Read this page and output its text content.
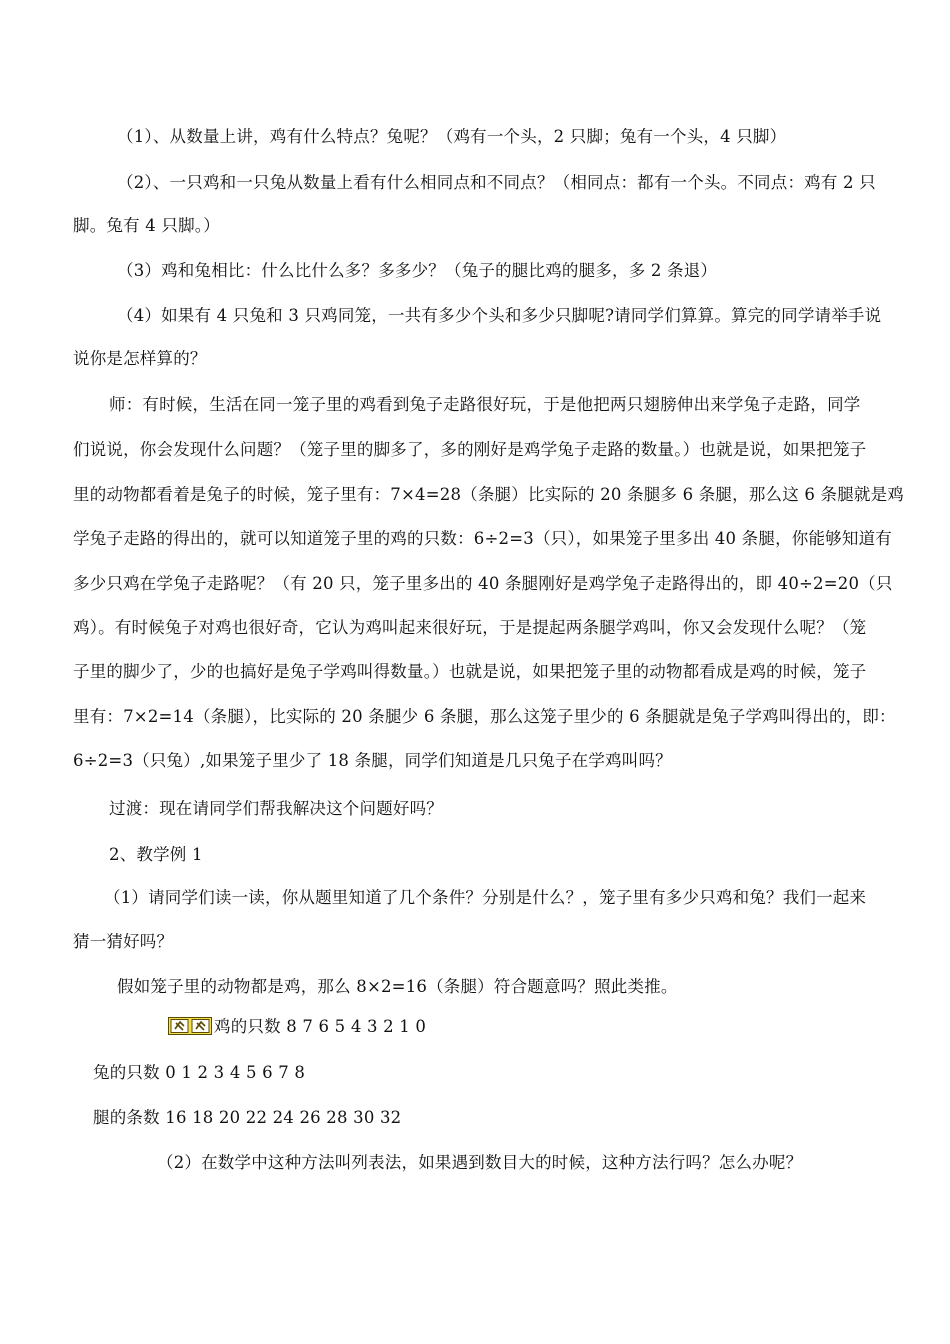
（1）、从数量上讲，鸡有什么特点？兔呢？（鸡有一个头，2 只脚；兔有一个头，4 只脚）
（2）、一只鸡和一只兔从数量上看有什么相同点和不同点？（相同点：都有一个头。不同点：鸡有 2 只
脚。兔有 4 只脚。）
（3）鸡和兔相比：什么比什么多？多多少？（兔子的腿比鸡的腿多，多 2 条退）
（4）如果有 4 只兔和 3 只鸡同笼，一共有多少个头和多少只脚呢?请同学们算算。算完的同学请举手说
说你是怎样算的？
师：有时候，生活在同一笼子里的鸡看到兔子走路很好玩，于是他把两只翅膀伸出来学兔子走路，同学
们说说，你会发现什么问题？（笼子里的脚多了，多的刚好是鸡学兔子走路的数量。）也就是说，如果把笼子
里的动物都看着是兔子的时候，笼子里有：7×4=28（条腿）比实际的 20 条腿多 6 条腿，那么这 6 条腿就是鸡
学兔子走路的得出的，就可以知道笼子里的鸡的只数：6÷2=3（只），如果笼子里多出 40 条腿，你能够知道有
多少只鸡在学兔子走路呢？（有 20 只，笼子里多出的 40 条腿刚好是鸡学兔子走路得出的，即 40÷2=20（只
鸡）。有时候兔子对鸡也很好奇，它认为鸡叫起来很好玩，于是提起两条腿学鸡叫，你又会发现什么呢？（笼
子里的脚少了，少的也搞好是兔子学鸡叫得数量。）也就是说，如果把笼子里的动物都看成是鸡的时候，笼子
里有：7×2=14（条腿），比实际的 20 条腿少 6 条腿，那么这笼子里少的 6 条腿就是兔子学鸡叫得出的，即：
6÷2=3（只兔）,如果笼子里少了 18 条腿，同学们知道是几只兔子在学鸡叫吗？
过渡：现在请同学们帮我解决这个问题好吗？
2、教学例 1
（1）请同学们读一读，你从题里知道了几个条件？分别是什么？，笼子里有多少只鸡和兔？我们一起来
猜一猜好吗？
假如笼子里的动物都是鸡，那么 8×2=16（条腿）符合题意吗？照此类推。
鸡的只数 8 7 6 5 4 3 2 1 0
兔的只数 0 1 2 3 4 5 6 7 8
腿的条数 16 18 20 22 24 26 28 30 32
（2）在数学中这种方法叫列表法，如果遇到数目大的时候，这种方法行吗？怎么办呢？
